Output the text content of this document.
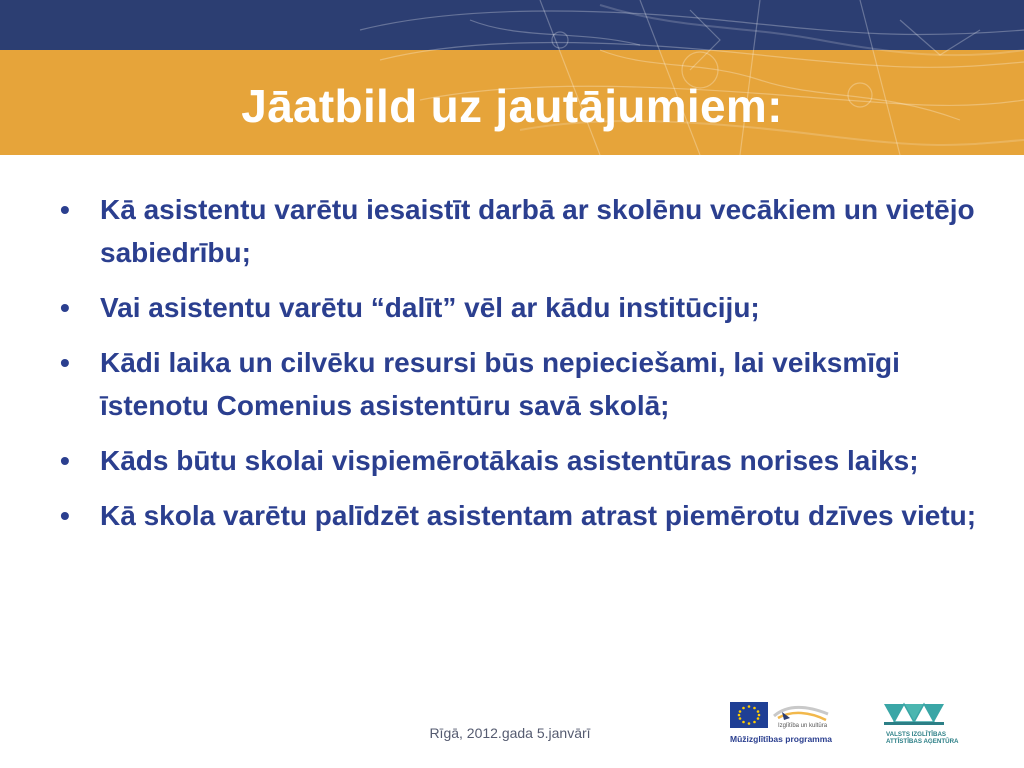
Jāatbild uz jautājumiem:
• Kā asistentu varētu iesaistīt darbā ar skolēnu vecākiem un vietējo sabiedrību;
• Vai asistentu varētu “dalīt” vēl ar kādu institūciju;
• Kādi laika un cilvēku resursi būs nepieciešami, lai veiksmīgi īstenotu Comenius asistentūru savā skolā;
• Kāds būtu skolai vispiemērotākais asistentūras norises laiks;
• Kā skola varētu palīdzēt asistentam atrast piemērotu dzīves vietu;
Rīgā, 2012.gada 5.janvārī	Izglītība un kultūra
Mūžizglītības programma	VALSTS IZGLĪTĪBAS
ATTĪSTĪBAS AĢENTŪRA
